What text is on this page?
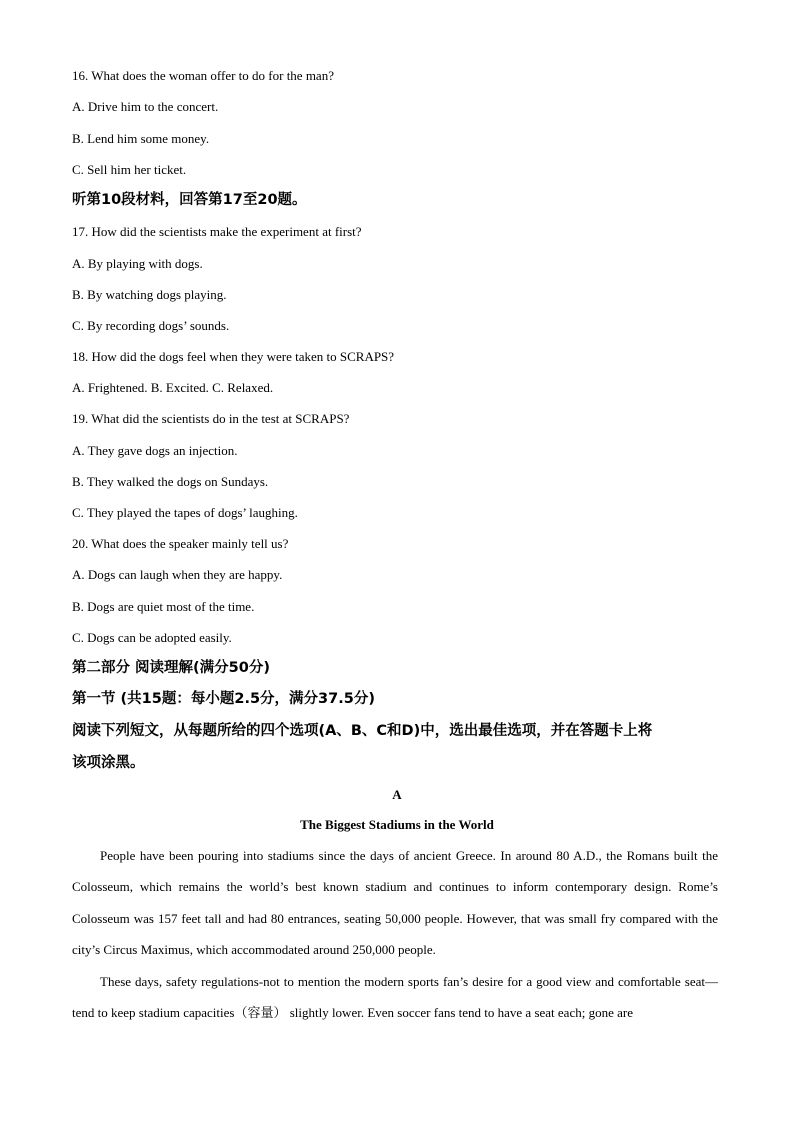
16. What does the woman offer to do for the man?
A. Drive him to the concert.
B. Lend him some money.
C. Sell him her ticket.
听第10段材料，回答第17至20题。
17. How did the scientists make the experiment at first?
A. By playing with dogs.
B. By watching dogs playing.
C. By recording dogs’ sounds.
18. How did the dogs feel when they were taken to SCRAPS?
A. Frightened. B. Excited. C. Relaxed.
19. What did the scientists do in the test at SCRAPS?
A. They gave dogs an injection.
B. They walked the dogs on Sundays.
C. They played the tapes of dogs’ laughing.
20. What does the speaker mainly tell us?
A. Dogs can laugh when they are happy.
B. Dogs are quiet most of the time.
C. Dogs can be adopted easily.
第二部分 阅读理解(满分50分)
第一节 (共15题：每小题2.5分，满分37.5分)
阅读下列短文，从每题所给的四个选项(A、B、C和D)中，选出最佳选项，并在答题卡上将
该项涂黑。
A
The Biggest Stadiums in the World
People have been pouring into stadiums since the days of ancient Greece. In around 80 A.D., the Romans built the Colosseum, which remains the world’s best known stadium and continues to inform contemporary design. Rome’s Colosseum was 157 feet tall and had 80 entrances, seating 50,000 people. However, that was small fry compared with the city’s Circus Maximus, which accommodated around 250,000 people.
These days, safety regulations-not to mention the modern sports fan’s desire for a good view and comfortable seat—tend to keep stadium capacities（容量） slightly lower. Even soccer fans tend to have a seat each; gone are
